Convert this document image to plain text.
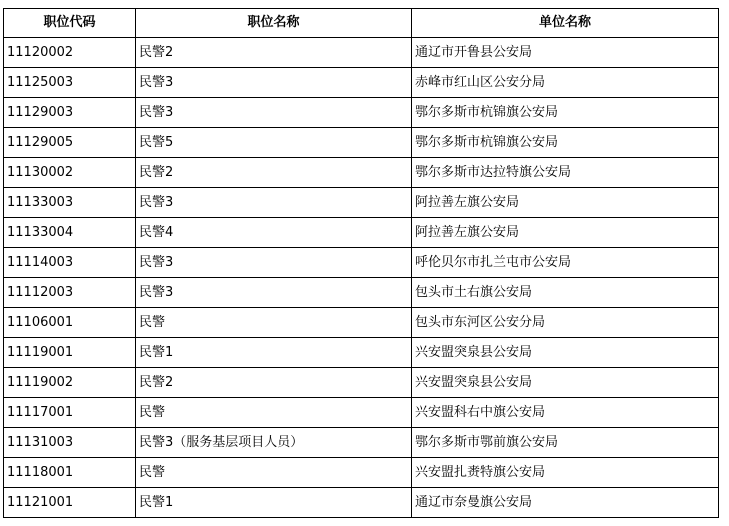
职位代码	职位名称	单位名称
11120002	民警2	通辽市开鲁县公安局
11125003	民警3	赤峰市红山区公安分局
11129003	民警3	鄂尔多斯市杭锦旗公安局
11129005	民警5	鄂尔多斯市杭锦旗公安局
11130002	民警2	鄂尔多斯市达拉特旗公安局
11133003	民警3	阿拉善左旗公安局
11133004	民警4	阿拉善左旗公安局
11114003	民警3	呼伦贝尔市扎兰屯市公安局
11112003	民警3	包头市土右旗公安局
11106001	民警	包头市东河区公安分局
11119001	民警1	兴安盟突泉县公安局
11119002	民警2	兴安盟突泉县公安局
11117001	民警	兴安盟科右中旗公安局
11131003	民警3（服务基层项目人员）	鄂尔多斯市鄂前旗公安局
11118001	民警	兴安盟扎赉特旗公安局
11121001	民警1	通辽市奈曼旗公安局
